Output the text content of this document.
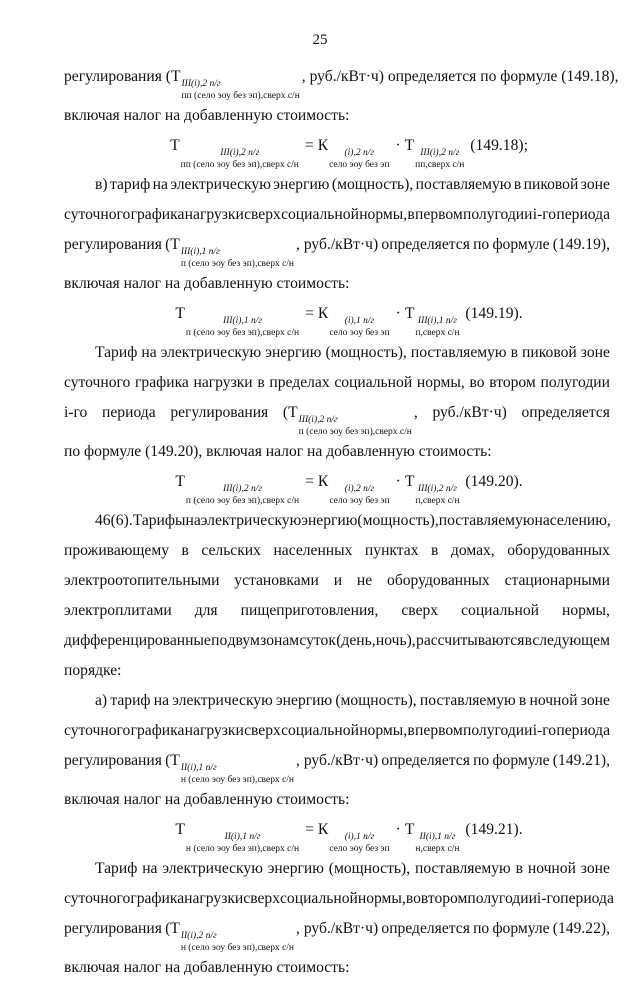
25
регулирования (Т III(i),2 п/г
пп (село эоу без эп),сверх с/н
, руб./кВт·ч) определяется по формуле (149.18),
включая налог на добавленную стоимость:
Т	III(i),2 п/г
пп (село эоу без эп),сверх с/н
= К	(i),2 п/г
село эоу без эп
· Т III(i),2 п/г
пп,сверх с/н
(149.18);
в) тариф на электрическую энергию (мощность), поставляемую в пиковой зоне
суточного графика нагрузки сверх социальной нормы, в первом полугодии i-го периода
регулирования (Т III(i),1 п/г
п (село эоу без эп),сверх с/н
, руб./кВт·ч) определяется по формуле (149.19),
включая налог на добавленную стоимость:
Т	III(i),1 п/г
п (село эоу без эп),сверх с/н
= К	(i),1 п/г
село эоу без эп
· Т III(i),1 п/г
п,сверх с/н
(149.19).
Тариф на электрическую энергию (мощность), поставляемую в пиковой зоне
суточного графика нагрузки в пределах социальной нормы, во втором полугодии
i-го периода регулирования (Т III(i),2 п/г
п (село эоу без эп),сверх с/н
, руб./кВт·ч) определяется
по формуле (149.20), включая налог на добавленную стоимость:
Т	III(i),2 п/г
п (село эоу без эп),сверх с/н
= К	(i),2 п/г
село эоу без эп
· Т III(i),2 п/г
п,сверх с/н
(149.20).
46(6). Тарифы на электрическую энергию (мощность), поставляемую населению,
проживающему в сельских населенных пунктах в домах, оборудованных
электроотопительными установками и не оборудованных стационарными
электроплитами для пищеприготовления, сверх социальной нормы,
дифференцированные по двум зонам суток (день, ночь), рассчитываются в следующем
порядке:
а) тариф на электрическую энергию (мощность), поставляемую в ночной зоне
суточного графика нагрузки сверх социальной нормы, в первом полугодии i-го периода
регулирования (Т II(i),1 п/г
н (село эоу без эп),сверх с/н
, руб./кВт·ч) определяется по формуле (149.21),
включая налог на добавленную стоимость:
Т	II(i),1 п/г
н (село эоу без эп),сверх с/н
= К	(i),1 п/г
село эоу без эп
· Т II(i),1 п/г
н,сверх с/н
(149.21).
Тариф на электрическую энергию (мощность), поставляемую в ночной зоне
суточного графика нагрузки сверх социальной нормы, во втором полугодии i-го периода
регулирования (Т II(i),2 п/г
н (село эоу без эп),сверх с/н
, руб./кВт·ч) определяется по формуле (149.22),
включая налог на добавленную стоимость:
